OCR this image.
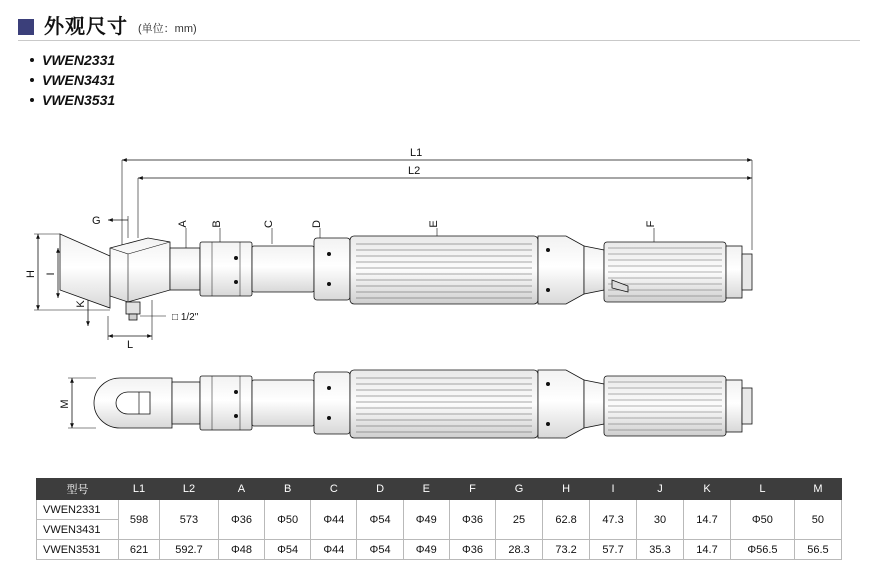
外观尺寸 (单位：mm)
VWEN2331
VWEN3431
VWEN3531
L1
L2
G	A B	C	D	E	F
H I
K
L
□ 1/2"
M
型号	L1	L2	A	B	C	D	E	F	G	H	I	J	K	L	M
VWEN2331	598	573	Φ36	Φ50	Φ44	Φ54	Φ49	Φ36	25	62.8	47.3	30	14.7	Φ50	50
VWEN3431															
VWEN3531	621	592.7	Φ48	Φ54	Φ44	Φ54	Φ49	Φ36	28.3	73.2	57.7	35.3	14.7	Φ56.5	56.5
